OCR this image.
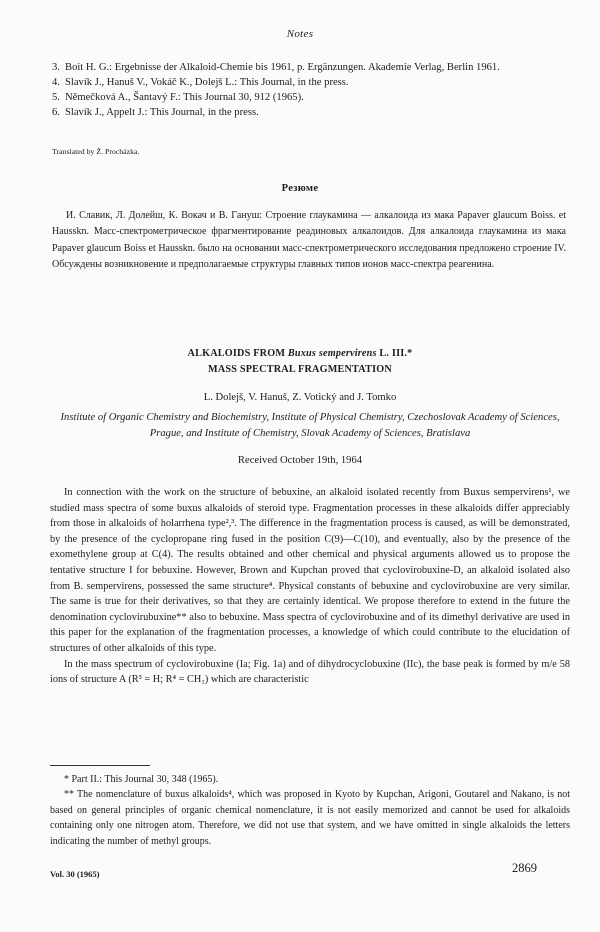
Notes
3. Boit H. G.: Ergebnisse der Alkaloid-Chemie bis 1961, p. Ergänzungen. Akademie Verlag, Berlin 1961.
4. Slavík J., Hanuš V., Vokáč K., Dolejš L.: This Journal, in the press.
5. Němečková A., Šantavý F.: This Journal 30, 912 (1965).
6. Slavík J., Appelt J.: This Journal, in the press.
Translated by Ž. Procházka.
Резюме
И. Славик, Л. Долейш, К. Вокач и В. Гануш: Строение глаукамина — алкалоида из мака Papaver glaucum Boiss. et Hausskn. Масс-спектрометрическое фрагментирование реадиновых алкалоидов. Для алкалоида глаукамина из мака Papaver glaucum Boiss et Hausskn. было на основании масс-спектрометрического исследования предложено строение IV. Обсуждены возникновение и предполагаемые структуры главных типов ионов масс-спектра реагенина.
ALKALOIDS FROM Buxus sempervirens L. III.*
MASS SPECTRAL FRAGMENTATION
L. Dolejš, V. Hanuš, Z. Votický and J. Tomko
Institute of Organic Chemistry and Biochemistry, Institute of Physical Chemistry, Czechoslovak Academy of Sciences, Prague, and Institute of Chemistry, Slovak Academy of Sciences, Bratislava
Received October 19th, 1964

In connection with the work on the structure of bebuxine, an alkaloid isolated recently from Buxus sempervirens¹, we studied mass spectra of some buxus alkaloids of steroid type. Fragmentation processes in these alkaloids differ appreciably from those in alkaloids of holarrhena type²,³. The difference in the fragmentation process is caused, as will be demonstrated, by the presence of the cyclopropane ring fused in the position C(9)—C(10), and eventually, also by the presence of the exomethylene group at C(4). The results obtained and other chemical and physical arguments allowed us to propose the tentative structure I for bebuxine. However, Brown and Kupchan proved that cyclovirobuxine-D, an alkaloid isolated also from B. sempervirens, possessed the same structure⁴. Physical constants of bebuxine and cyclovirobuxine are very similar. The same is true for their derivatives, so that they are certainly identical. We propose therefore to extend in the future the denomination cyclovirubuxine** also to bebuxine. Mass spectra of cyclovirobuxine and of its dimethyl derivative are used in this paper for the explanation of the fragmentation processes, a knowledge of which could contribute to the elucidation of structures of other alkaloids of this type.

In the mass spectrum of cyclovirobuxine (Ia; Fig. 1a) and of dihydrocyclobuxine (IIc), the base peak is formed by m/e 58 ions of structure A (R³ = H; R⁴ = CH₃) which are characteristic

* Part II.: This Journal 30, 348 (1965).

** The nomenclature of buxus alkaloids⁴, which was proposed in Kyoto by Kupchan, Arigoni, Goutarel and Nakano, is not based on general principles of organic chemical nomenclature, it is not easily memorized and cannot be used for alkaloids containing only one nitrogen atom. Therefore, we did not use that system, and we have omitted in single alkaloids the letters indicating the number of methyl groups.

Vol. 30 (1965)	2869
